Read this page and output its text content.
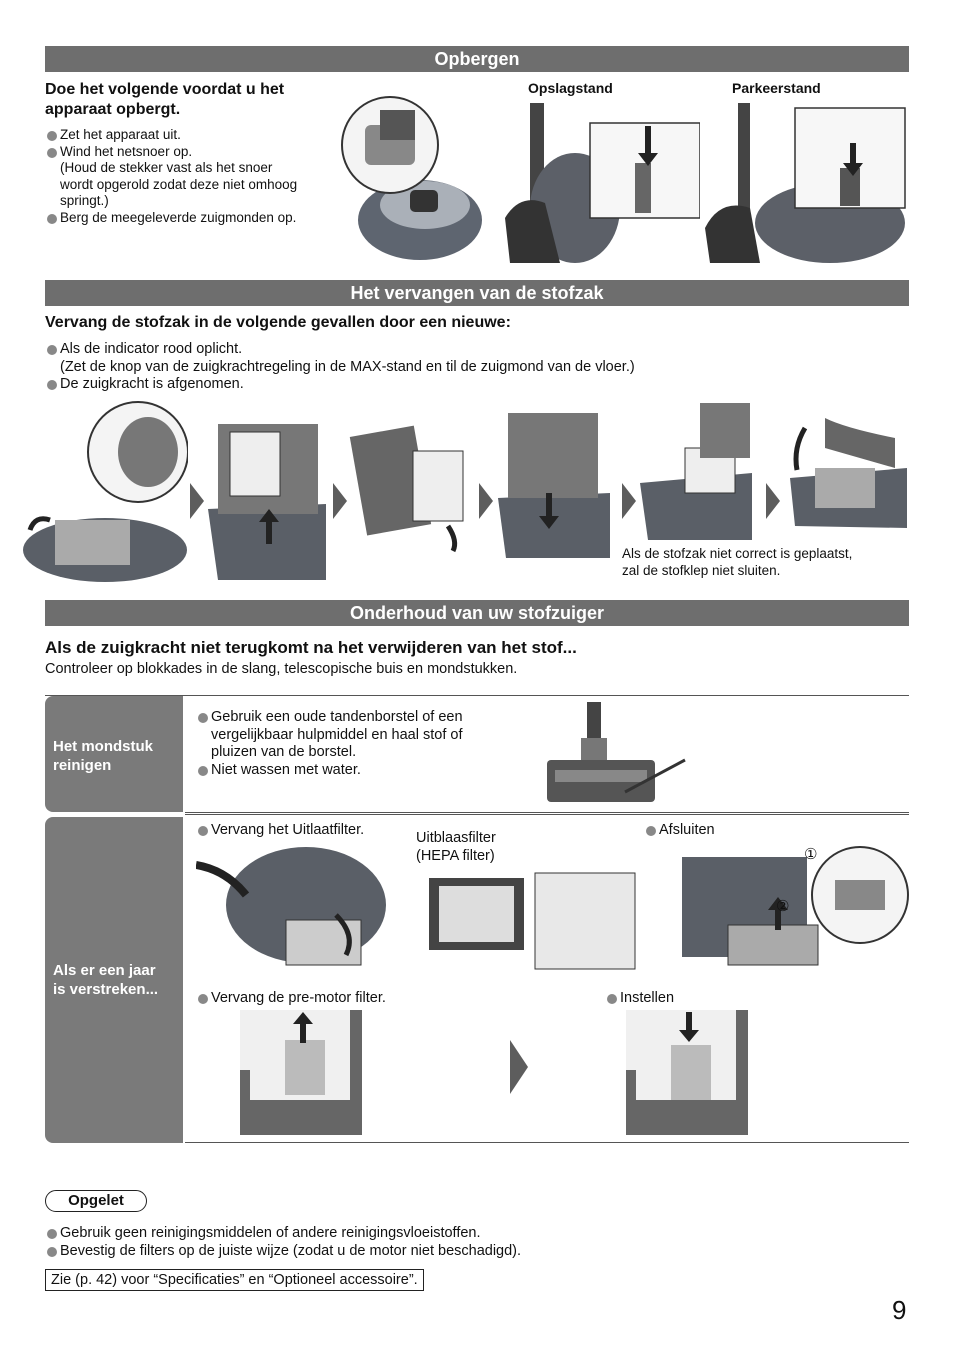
Opbergen
Doe het volgende voordat u het apparaat opbergt.
Zet het apparaat uit.
Wind het netsnoer op.
(Houd de stekker vast als het snoer
wordt opgerold zodat deze niet omhoog
springt.)
Berg de meegeleverde zuigmonden op.
Opslagstand	Parkeerstand
Het vervangen van de stofzak
Vervang de stofzak in de volgende gevallen door een nieuwe:
Als de indicator rood oplicht.
(Zet de knop van de zuigkrachtregeling in de MAX-stand en til de zuigmond van de vloer.)
De zuigkracht is afgenomen.
Als de stofzak niet correct is geplaatst,
zal de stofklep niet sluiten.
Onderhoud van uw stofzuiger
Als de zuigkracht niet terugkomt na het verwijderen van het stof...
Controleer op blokkades in de slang, telescopische buis en mondstukken.
Het mondstuk
reinigen
Gebruik een oude tandenborstel of een
vergelijkbaar hulpmiddel en haal stof of
pluizen van de borstel.
Niet wassen met water.
Als er een jaar
is verstreken...
Vervang het Uitlaatfilter.	Uitblaasfilter
(HEPA filter)
Afsluiten
①
②
Vervang de pre-motor filter.	Instellen
Opgelet
Gebruik geen reinigingsmiddelen of andere reinigingsvloeistoffen.
Bevestig de filters op de juiste wijze (zodat u de motor niet beschadigd).
Zie (p. 42) voor “Specificaties” en “Optioneel accessoire”.
9
